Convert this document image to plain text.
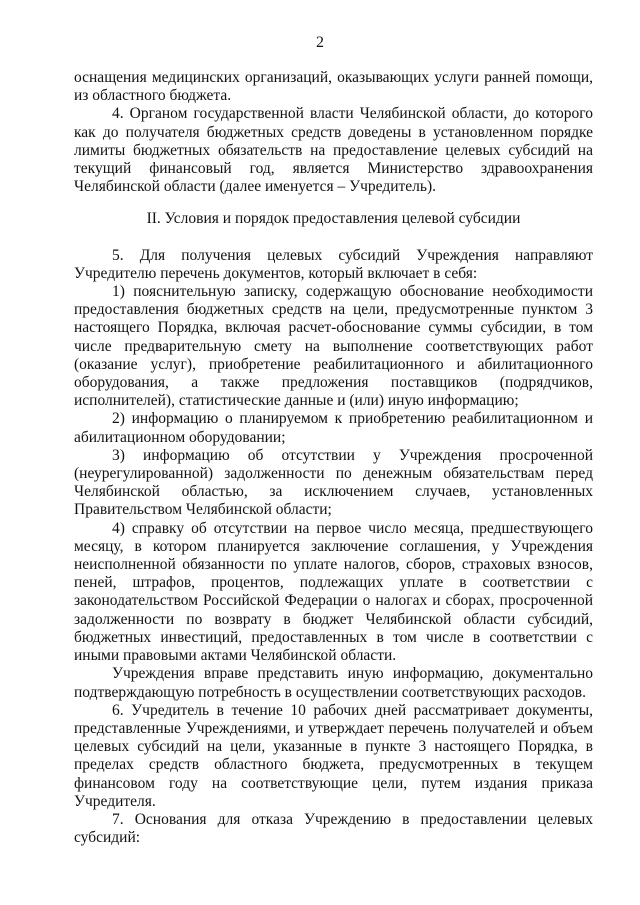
2

оснащения медицинских организаций, оказывающих услуги ранней помощи, из областного бюджета.

4. Органом государственной власти Челябинской области, до которого как до получателя бюджетных средств доведены в установленном порядке лимиты бюджетных обязательств на предоставление целевых субсидий на текущий финансовый год, является Министерство здравоохранения Челябинской области (далее именуется – Учредитель).

II. Условия и порядок предоставления целевой субсидии

5. Для получения целевых субсидий Учреждения направляют Учредителю перечень документов, который включает в себя:

1) пояснительную записку, содержащую обоснование необходимости предоставления бюджетных средств на цели, предусмотренные пунктом 3 настоящего Порядка, включая расчет-обоснование суммы субсидии, в том числе предварительную смету на выполнение соответствующих работ (оказание услуг), приобретение реабилитационного и абилитационного оборудования, а также предложения поставщиков (подрядчиков, исполнителей), статистические данные и (или) иную информацию;

2) информацию о планируемом к приобретению реабилитационном и абилитационном оборудовании;

3) информацию об отсутствии у Учреждения просроченной (неурегулированной) задолженности по денежным обязательствам перед Челябинской областью, за исключением случаев, установленных Правительством Челябинской области;

4) справку об отсутствии на первое число месяца, предшествующего месяцу, в котором планируется заключение соглашения, у Учреждения неисполненной обязанности по уплате налогов, сборов, страховых взносов, пеней, штрафов, процентов, подлежащих уплате в соответствии с законодательством Российской Федерации о налогах и сборах, просроченной задолженности по возврату в бюджет Челябинской области субсидий, бюджетных инвестиций, предоставленных в том числе в соответствии с иными правовыми актами Челябинской области.

Учреждения вправе представить иную информацию, документально подтверждающую потребность в осуществлении соответствующих расходов.

6. Учредитель в течение 10 рабочих дней рассматривает документы, представленные Учреждениями, и утверждает перечень получателей и объем целевых субсидий на цели, указанные в пункте 3 настоящего Порядка, в пределах средств областного бюджета, предусмотренных в текущем финансовом году на соответствующие цели, путем издания приказа Учредителя.

7. Основания для отказа Учреждению в предоставлении целевых субсидий:
